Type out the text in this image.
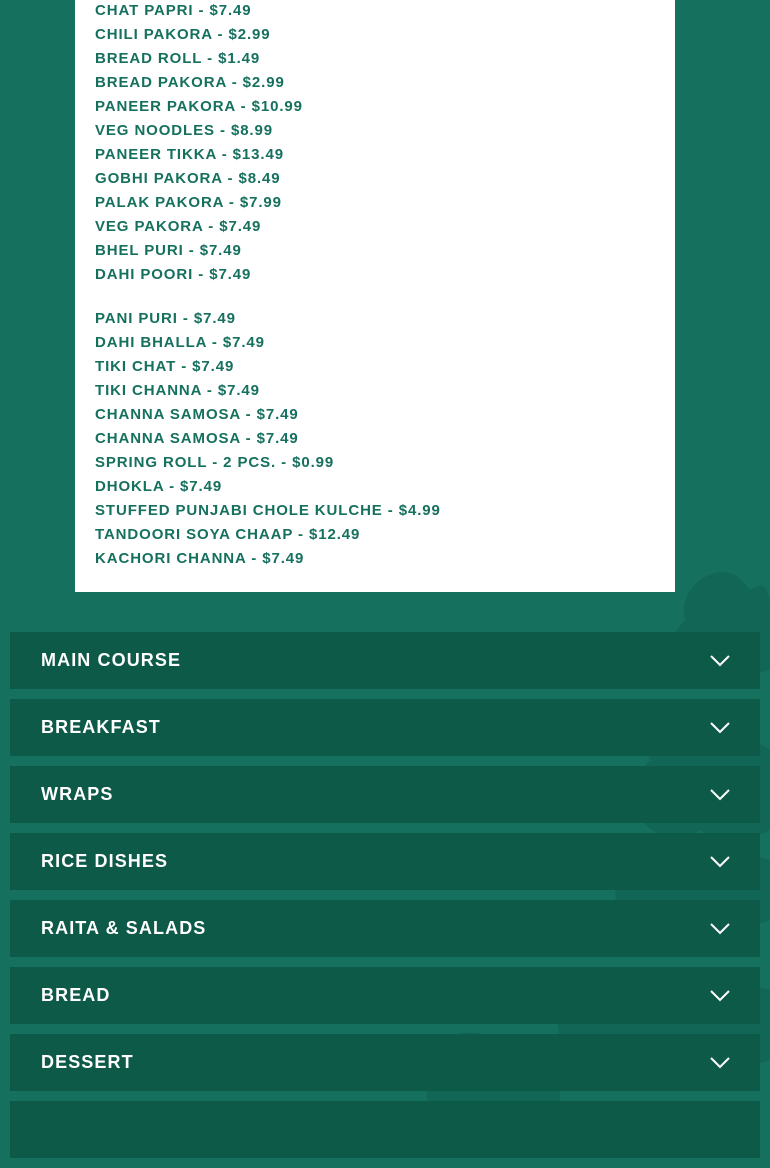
CHAT PAPRI - $7.49
CHILI PAKORA - $2.99
BREAD ROLL - $1.49
BREAD PAKORA - $2.99
PANEER PAKORA - $10.99
VEG NOODLES - $8.99
PANEER TIKKA - $13.49
GOBHI PAKORA - $8.49
PALAK PAKORA - $7.99
VEG PAKORA - $7.49
BHEL PURI - $7.49
DAHI POORI - $7.49
PANI PURI - $7.49
DAHI BHALLA - $7.49
TIKI CHAT - $7.49
TIKI CHANNA - $7.49
CHANNA SAMOSA - $7.49
CHANNA SAMOSA - $7.49
SPRING ROLL - 2 PCS. - $0.99
DHOKLA - $7.49
STUFFED PUNJABI CHOLE KULCHE - $4.99
TANDOORI SOYA CHAAP - $12.49
KACHORI CHANNA - $7.49
MAIN COURSE
BREAKFAST
WRAPS
RICE DISHES
RAITA & SALADS
BREAD
DESSERT
